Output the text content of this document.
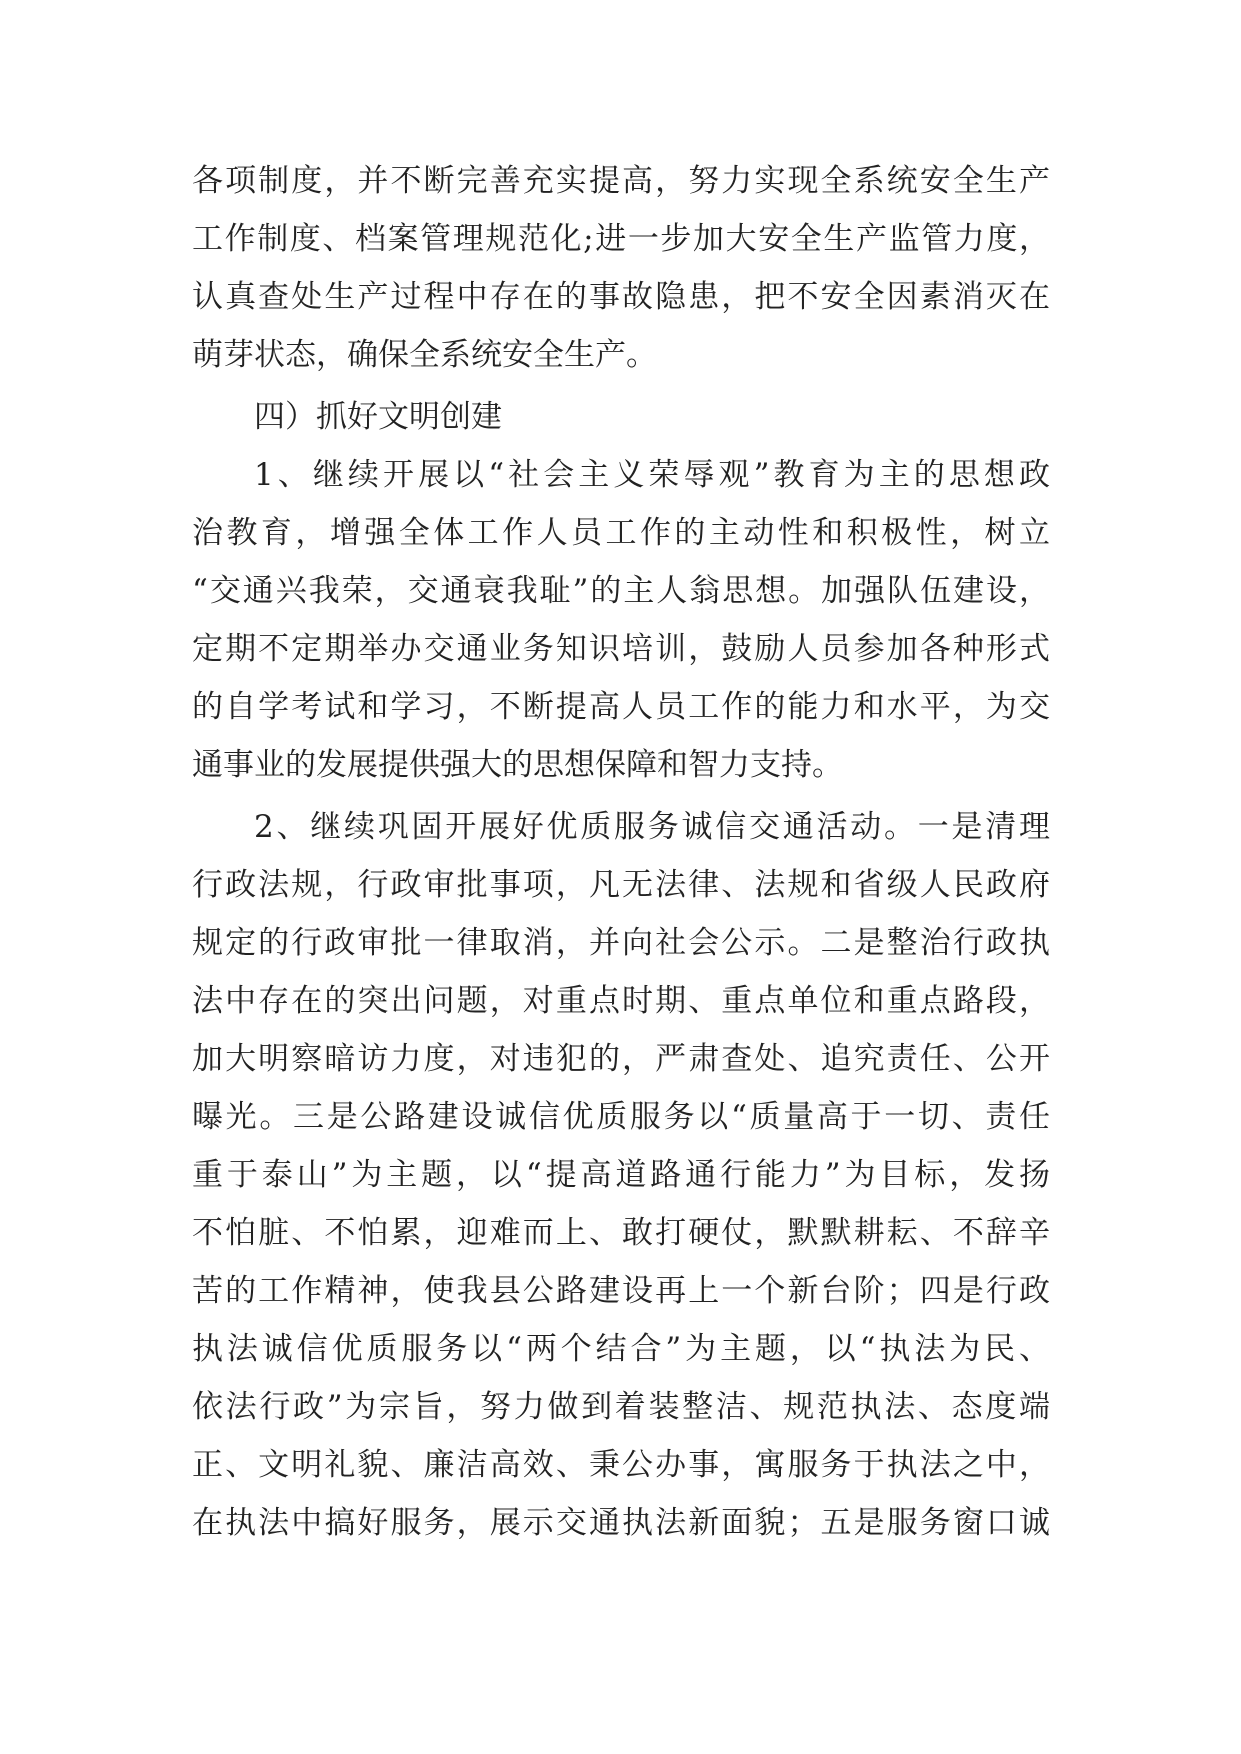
各项制度，并不断完善充实提高，努力实现全系统安全生产
工作制度、档案管理规范化;进一步加大安全生产监管力度，
认真查处生产过程中存在的事故隐患，把不安全因素消灭在
萌芽状态，确保全系统安全生产。
四）抓好文明创建
1、继续开展以“社会主义荣辱观”教育为主的思想政
治教育，增强全体工作人员工作的主动性和积极性，树立
“交通兴我荣，交通衰我耻”的主人翁思想。加强队伍建设，
定期不定期举办交通业务知识培训，鼓励人员参加各种形式
的自学考试和学习，不断提高人员工作的能力和水平，为交
通事业的发展提供强大的思想保障和智力支持。
2、继续巩固开展好优质服务诚信交通活动。一是清理
行政法规，行政审批事项，凡无法律、法规和省级人民政府
规定的行政审批一律取消，并向社会公示。二是整治行政执
法中存在的突出问题，对重点时期、重点单位和重点路段，
加大明察暗访力度，对违犯的，严肃查处、追究责任、公开
曝光。三是公路建设诚信优质服务以“质量高于一切、责任
重于泰山”为主题，以“提高道路通行能力”为目标，发扬
不怕脏、不怕累，迎难而上、敢打硬仗，默默耕耘、不辞辛
苦的工作精神，使我县公路建设再上一个新台阶；四是行政
执法诚信优质服务以“两个结合”为主题，以“执法为民、
依法行政”为宗旨，努力做到着装整洁、规范执法、态度端
正、文明礼貌、廉洁高效、秉公办事，寓服务于执法之中，
在执法中搞好服务，展示交通执法新面貌；五是服务窗口诚
